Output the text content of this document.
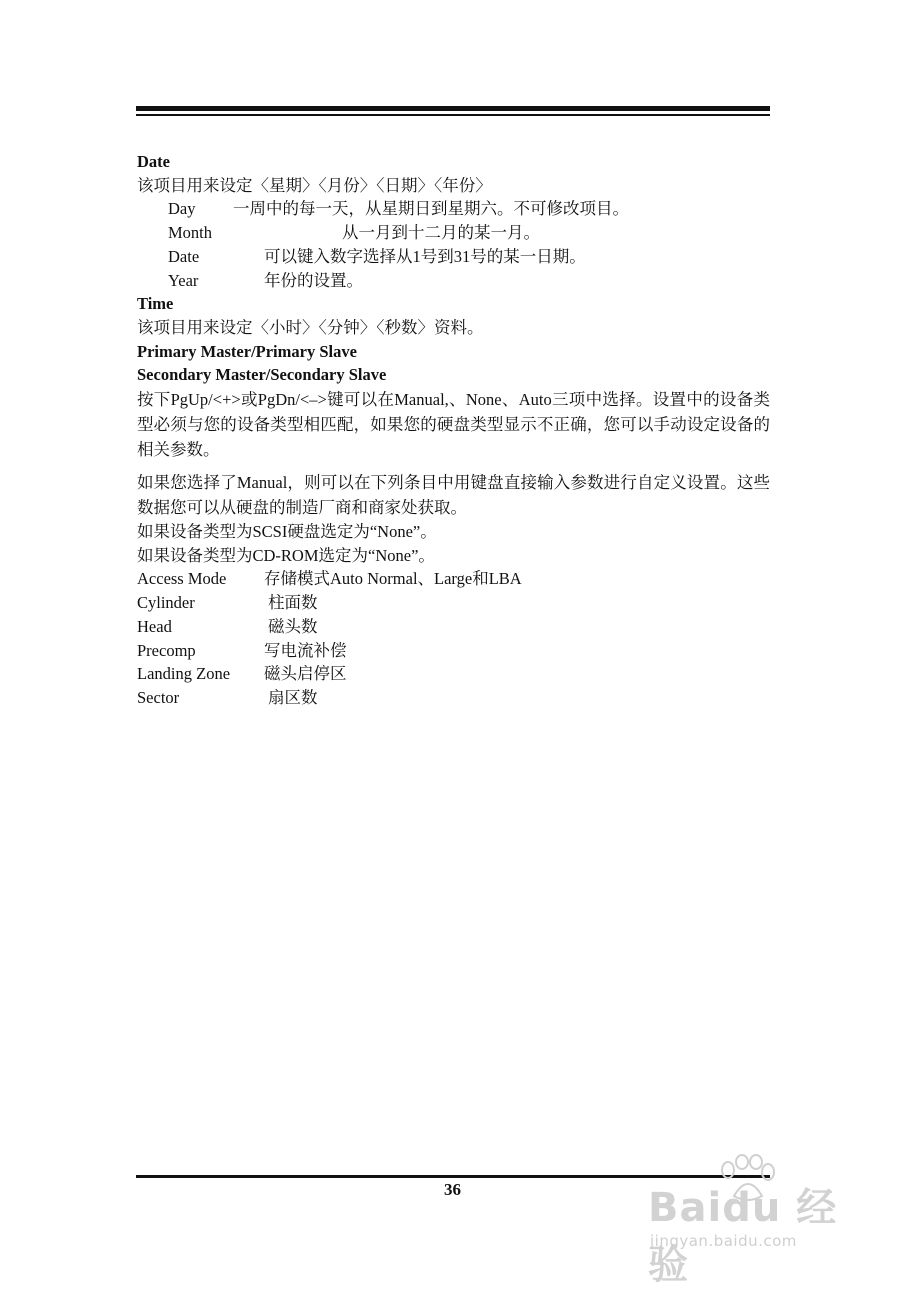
Date
该项目用来设定〈星期〉〈月份〉〈日期〉〈年份〉
Day 一周中的每一天，从星期日到星期六。不可修改项目。
Month	从一月到十二月的某一月。
Date	可以键入数字选择从1号到31号的某一日期。
Year	年份的设置。
Time
该项目用来设定〈小时〉〈分钟〉〈秒数〉资料。
Primary Master/Primary Slave
Secondary Master/Secondary Slave
按下PgUp/<+>或PgDn/<–>键可以在Manual,、None、Auto三项中选择。设置中的设备类型必须与您的设备类型相匹配，如果您的硬盘类型显示不正确，您可以手动设定设备的相关参数。
如果您选择了Manual，则可以在下列条目中用键盘直接输入参数进行自定义设置。这些数据您可以从硬盘的制造厂商和商家处获取。
如果设备类型为SCSI硬盘选定为“None”。
如果设备类型为CD-ROM选定为“None”。
Access Mode 存储模式Auto Normal、Large和LBA
Cylinder	柱面数
Head	磁头数
Precomp	写电流补偿
Landing Zone 磁头启停区
Sector	扇区数
36	Baidu 经验
jingyan.baidu.com
